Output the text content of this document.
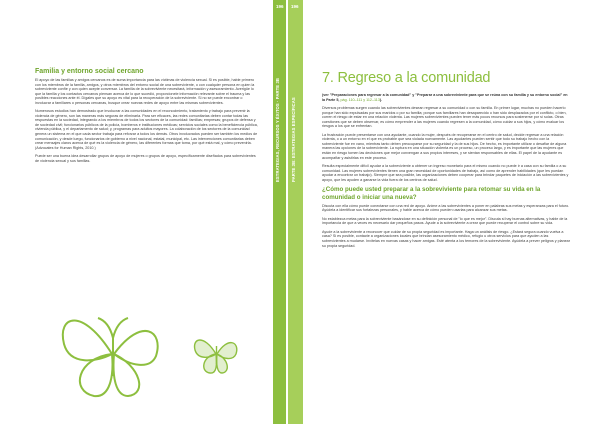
196 196
ESTRATEGIAS, RECURSOS Y ÉXITOS · PARTE 3B	PARTE 3B: ESTRATEGIAS ESPECÍFICAS
Familia y entorno social cercano

El apoyo de las familias y amigos cercanos es de suma importancia para las víctimas de violencia sexual. Si es posible, hable primero con los miembros de la familia, amigos, y otros miembros del entorno social de una sobreviviente, o con cualquier persona en quien la sobreviviente confíe y con quien acepte conversar. La familia de la sobreviviente necesitará, información y asesoramiento. Averigüe lo que la familia y los contactos cercanos piensan acerca de lo que sucedió, proporcionele información relevante sobre el trauma y las posibles reacciones ante él. Dígales que su apoyo es vital para la recuperación de la sobreviviente. Si no se puede encontrar o involucrar a familiares o personas cercanas, busque crear nuevas redes de apoyo entre las mismas sobrevivientes.

Numerosos estudios han demostrado que involucrar a las comunidades en el reconocimiento, tratamiento y trabajo para prevenir la violencia de género, son las maneras más seguras de eliminarla. Para ser eficaces, las redes comunitarias deben contar todas las respuestas en la sociedad, integrando a los miembros de todos los sectores de la comunidad: familias; empresas; grupos de defensa y de sociedad civil; funcionarios públicos de la policía, bomberos e instituciones médicas; servicios sociales como la beneficiencia pública, vivienda pública, y el departamento de salud; y, programas para adultos mayores. La colaboración de los sectores de la comunidad genera un sistema en el que cada sector trabaja para reforzar a todos los demás. Otros involucrados pueden ser también los medios de comunicación, y desde luego, funcionarios de gobierno a nivel nacional, estatal, municipal, etc. Las intervenciones comunitarias deben crear mensajes claros acerca de qué es la violencia de género, las diferentes formas que toma, por qué está mal, y cómo prevenirla. (Advocates for Human Rights, 2010.)

Puede ser una buena idea desarrollar grupos de apoyo de mujeres o grupos de apoyo, específicamente diseñados para sobrevivientes de violencia sexual y sus familias.

7. Regreso a la comunidad

(ver "Preparaciones para regresar a la comunidad" y "Preparar a una sobreviviente para que se reúna con su familia y su entorno social" en la Parte 5, pág. 110–111 y 112–113).

Diversos problemas surgen cuando las sobrevivientes desean regresar a su comunidad o con su familia. En primer lugar, muchas no pueden hacerlo porque han sido expulsadas por sus maridos o por su familia; porque sus familiares han desaparecido o han sido desplazados por el conflicto, o bien, corren el riesgo de estar en una relación violenta. Las mujeres sobrevivientes pueden tener más pocos recursos para sostenerse por sí solas. Otras cuestiones que se deben observar, es cómo emprender a las mujeres cuando regresen a la comunidad, cómo cuidar a sus hijos, y cómo evaluar los riesgos a los que se enfrentan.

La frustración puede presentarse con una ayudante, cuando la mujer, después de recuperarse en el centro de salud, decide regresar a una relación violenta, o a un entorno en el que es probable que sea violada nuevamente. Las ayudantes pueden sentir que todo su trabajo hecho con la sobreviviente fue en vano, mientras tanto deben preocuparse por su seguridad y la de sus hijos. De hecho, es importante utilizar o desafiar de alguna manera las opciones de la sobreviviente. La ruptura en una situación violenta es un proceso, un proceso largo, y es importante que las mujeres que están en riesgo tomen las decisiones que mejor convengan a sus propios intereses, y se sientan responsables de ellas. El papel de la ayudante es acompañar y asistirlas en este proceso.

Resulta especialmente difícil ayudar a la sobreviviente a obtener un ingreso monetario para el mismo cuando no puede ir a casa con su familia o a su comunidad. Las mujeres sobrevivientes tienen una gran necesidad de oportunidades de trabajo, así como de aprender habilidades (que les puedan ayudar a encontrar un trabajo). Siempre que sea posible, las organizaciones deben cooperar para brindar paquetes de iniciación a las sobrevivientes y apoyo, que les ayuden a ganarse la vida fuera de los centros de salud.

¿Cómo puede usted preparar a la sobreviviente para retomar su vida en la comunidad o iniciar una nueva?

Discuta con ella cómo puede conectarse con una red de apoyo. Anime a las sobrevivientes a poner en palabras sus metas y esperanzas para el futuro. Ayúdela a identificar sus fortalezas personales, y hable acerca de cómo pueden usarlas para alcanzar sus metas.

No establezca metas para la sobreviviente basándose en su definición personal de "lo que es mejor". Discuta si hay buenas alternativas, y hable de la importancia de que a veces es necesario dar pequeños pasos. Ayude a la sobreviviente a crear que puede recuperar el control sobre su vida.

Ayude a la sobreviviente a reconocer que cuidar de su propia seguridad es importante. Haga un análisis de riesgo. ¿Estará segura cuando vuelva a casa? Si es posible, contacte a organizaciones locales que brindan asesoramiento médico, refugio u otros servicios para que ayuden a las sobrevivientes a mudarse. Invítelas en nuevas casas y hacer amigas. Esté atenta a los temores de la sobreviviente. Ayúdela a prever peligros y planear su propia seguridad.
